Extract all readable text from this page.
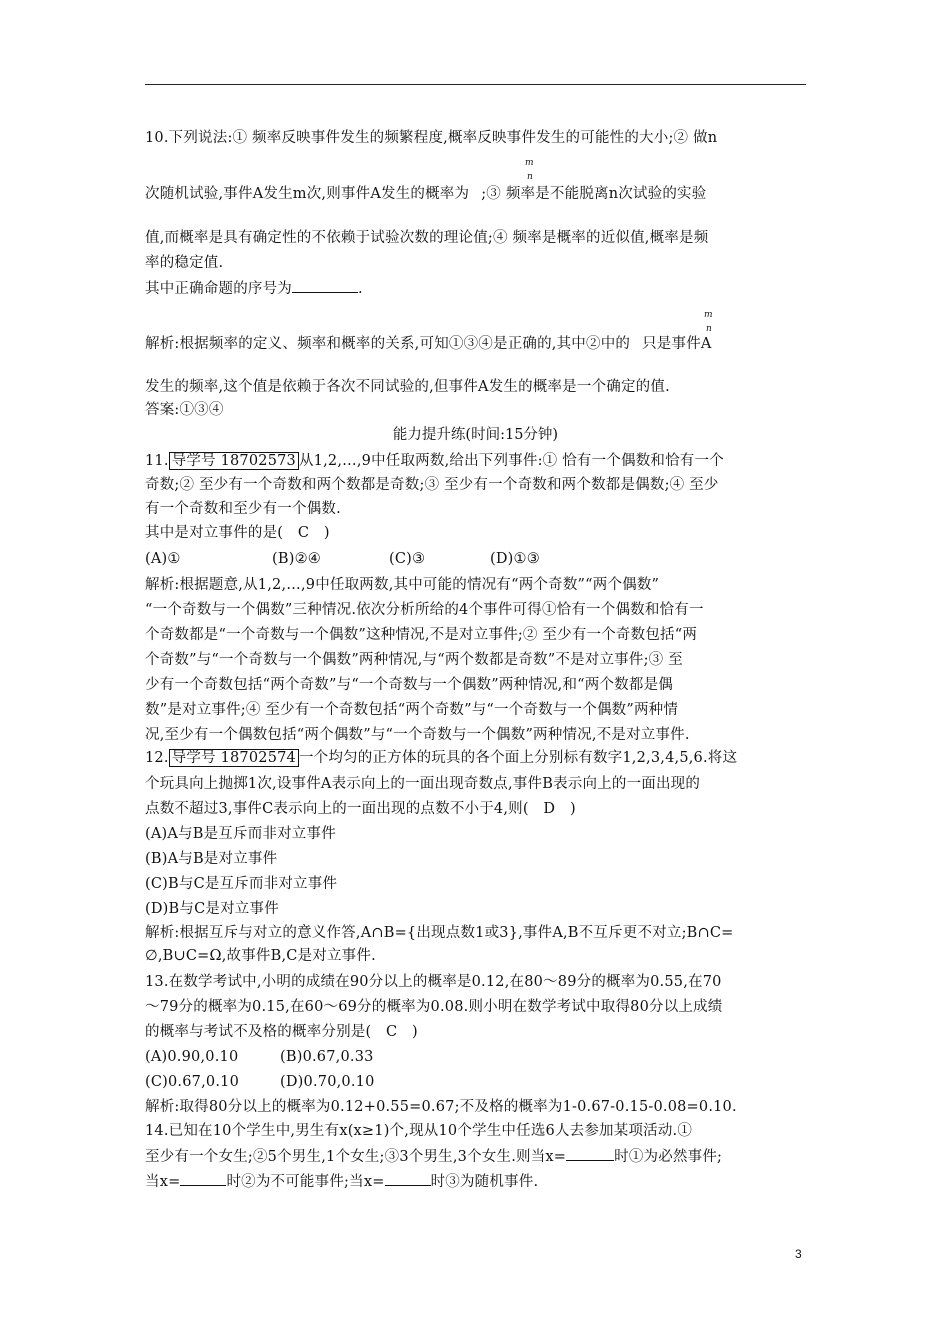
10.下列说法:① 频率反映事件发生的频繁程度,概率反映事件发生的可能性的大小;② 做n
m
n
次随机试验,事件A发生m次,则事件A发生的概率为 ;③ 频率是不能脱离n次试验的实验
值,而概率是具有确定性的不依赖于试验次数的理论值;④ 频率是概率的近似值,概率是频
率的稳定值.
其中正确命题的序号为	.
m
n
解析:根据频率的定义、频率和概率的关系,可知①③④是正确的,其中②中的 只是事件A
发生的频率,这个值是依赖于各次不同试验的,但事件A发生的概率是一个确定的值.
答案:①③④
能力提升练(时间:15分钟)
11. 导学号 18702573 从1,2,…,9中任取两数,给出下列事件:① 恰有一个偶数和恰有一个
奇数;② 至少有一个奇数和两个数都是奇数;③ 至少有一个奇数和两个数都是偶数;④ 至少
有一个奇数和至少有一个偶数.
其中是对立事件的是(　C　)
(A)①	(B)②④	(C)③	(D)①③
解析:根据题意,从1,2,…,9中任取两数,其中可能的情况有“两个奇数”“两个偶数”
“一个奇数与一个偶数”三种情况.依次分析所给的4个事件可得①恰有一个偶数和恰有一
个奇数都是“一个奇数与一个偶数”这种情况,不是对立事件;② 至少有一个奇数包括“两
个奇数”与“一个奇数与一个偶数”两种情况,与“两个数都是奇数”不是对立事件;③ 至
少有一个奇数包括“两个奇数”与“一个奇数与一个偶数”两种情况,和“两个数都是偶
数”是对立事件;④ 至少有一个奇数包括“两个奇数”与“一个奇数与一个偶数”两种情
况,至少有一个偶数包括“两个偶数”与“一个奇数与一个偶数”两种情况,不是对立事件.
12. 导学号 18702574 一个均匀的正方体的玩具的各个面上分别标有数字1,2,3,4,5,6.将这
个玩具向上抛掷1次,设事件A表示向上的一面出现奇数点,事件B表示向上的一面出现的
点数不超过3,事件C表示向上的一面出现的点数不小于4,则(　D　)
(A)A与B是互斥而非对立事件
(B)A与B是对立事件
(C)B与C是互斥而非对立事件
(D)B与C是对立事件
解析:根据互斥与对立的意义作答,A∩B={出现点数1或3},事件A,B不互斥更不对立;B∩C=
∅,B∪C=Ω,故事件B,C是对立事件.
13.在数学考试中,小明的成绩在90分以上的概率是0.12,在80～89分的概率为0.55,在70
～79分的概率为0.15,在60～69分的概率为0.08.则小明在数学考试中取得80分以上成绩
的概率与考试不及格的概率分别是(　C　)
(A)0.90,0.10	(B)0.67,0.33
(C)0.67,0.10	(D)0.70,0.10
解析:取得80分以上的概率为0.12+0.55=0.67;不及格的概率为1-0.67-0.15-0.08=0.10.
14.已知在10个学生中,男生有x(x≥1)个,现从10个学生中任选6人去参加某项活动.①
至少有一个女生;②5个男生,1个女生;③3个男生,3个女生.则当x=	时①为必然事件;
当x=	时②为不可能事件;当x=	时③为随机事件.
3
